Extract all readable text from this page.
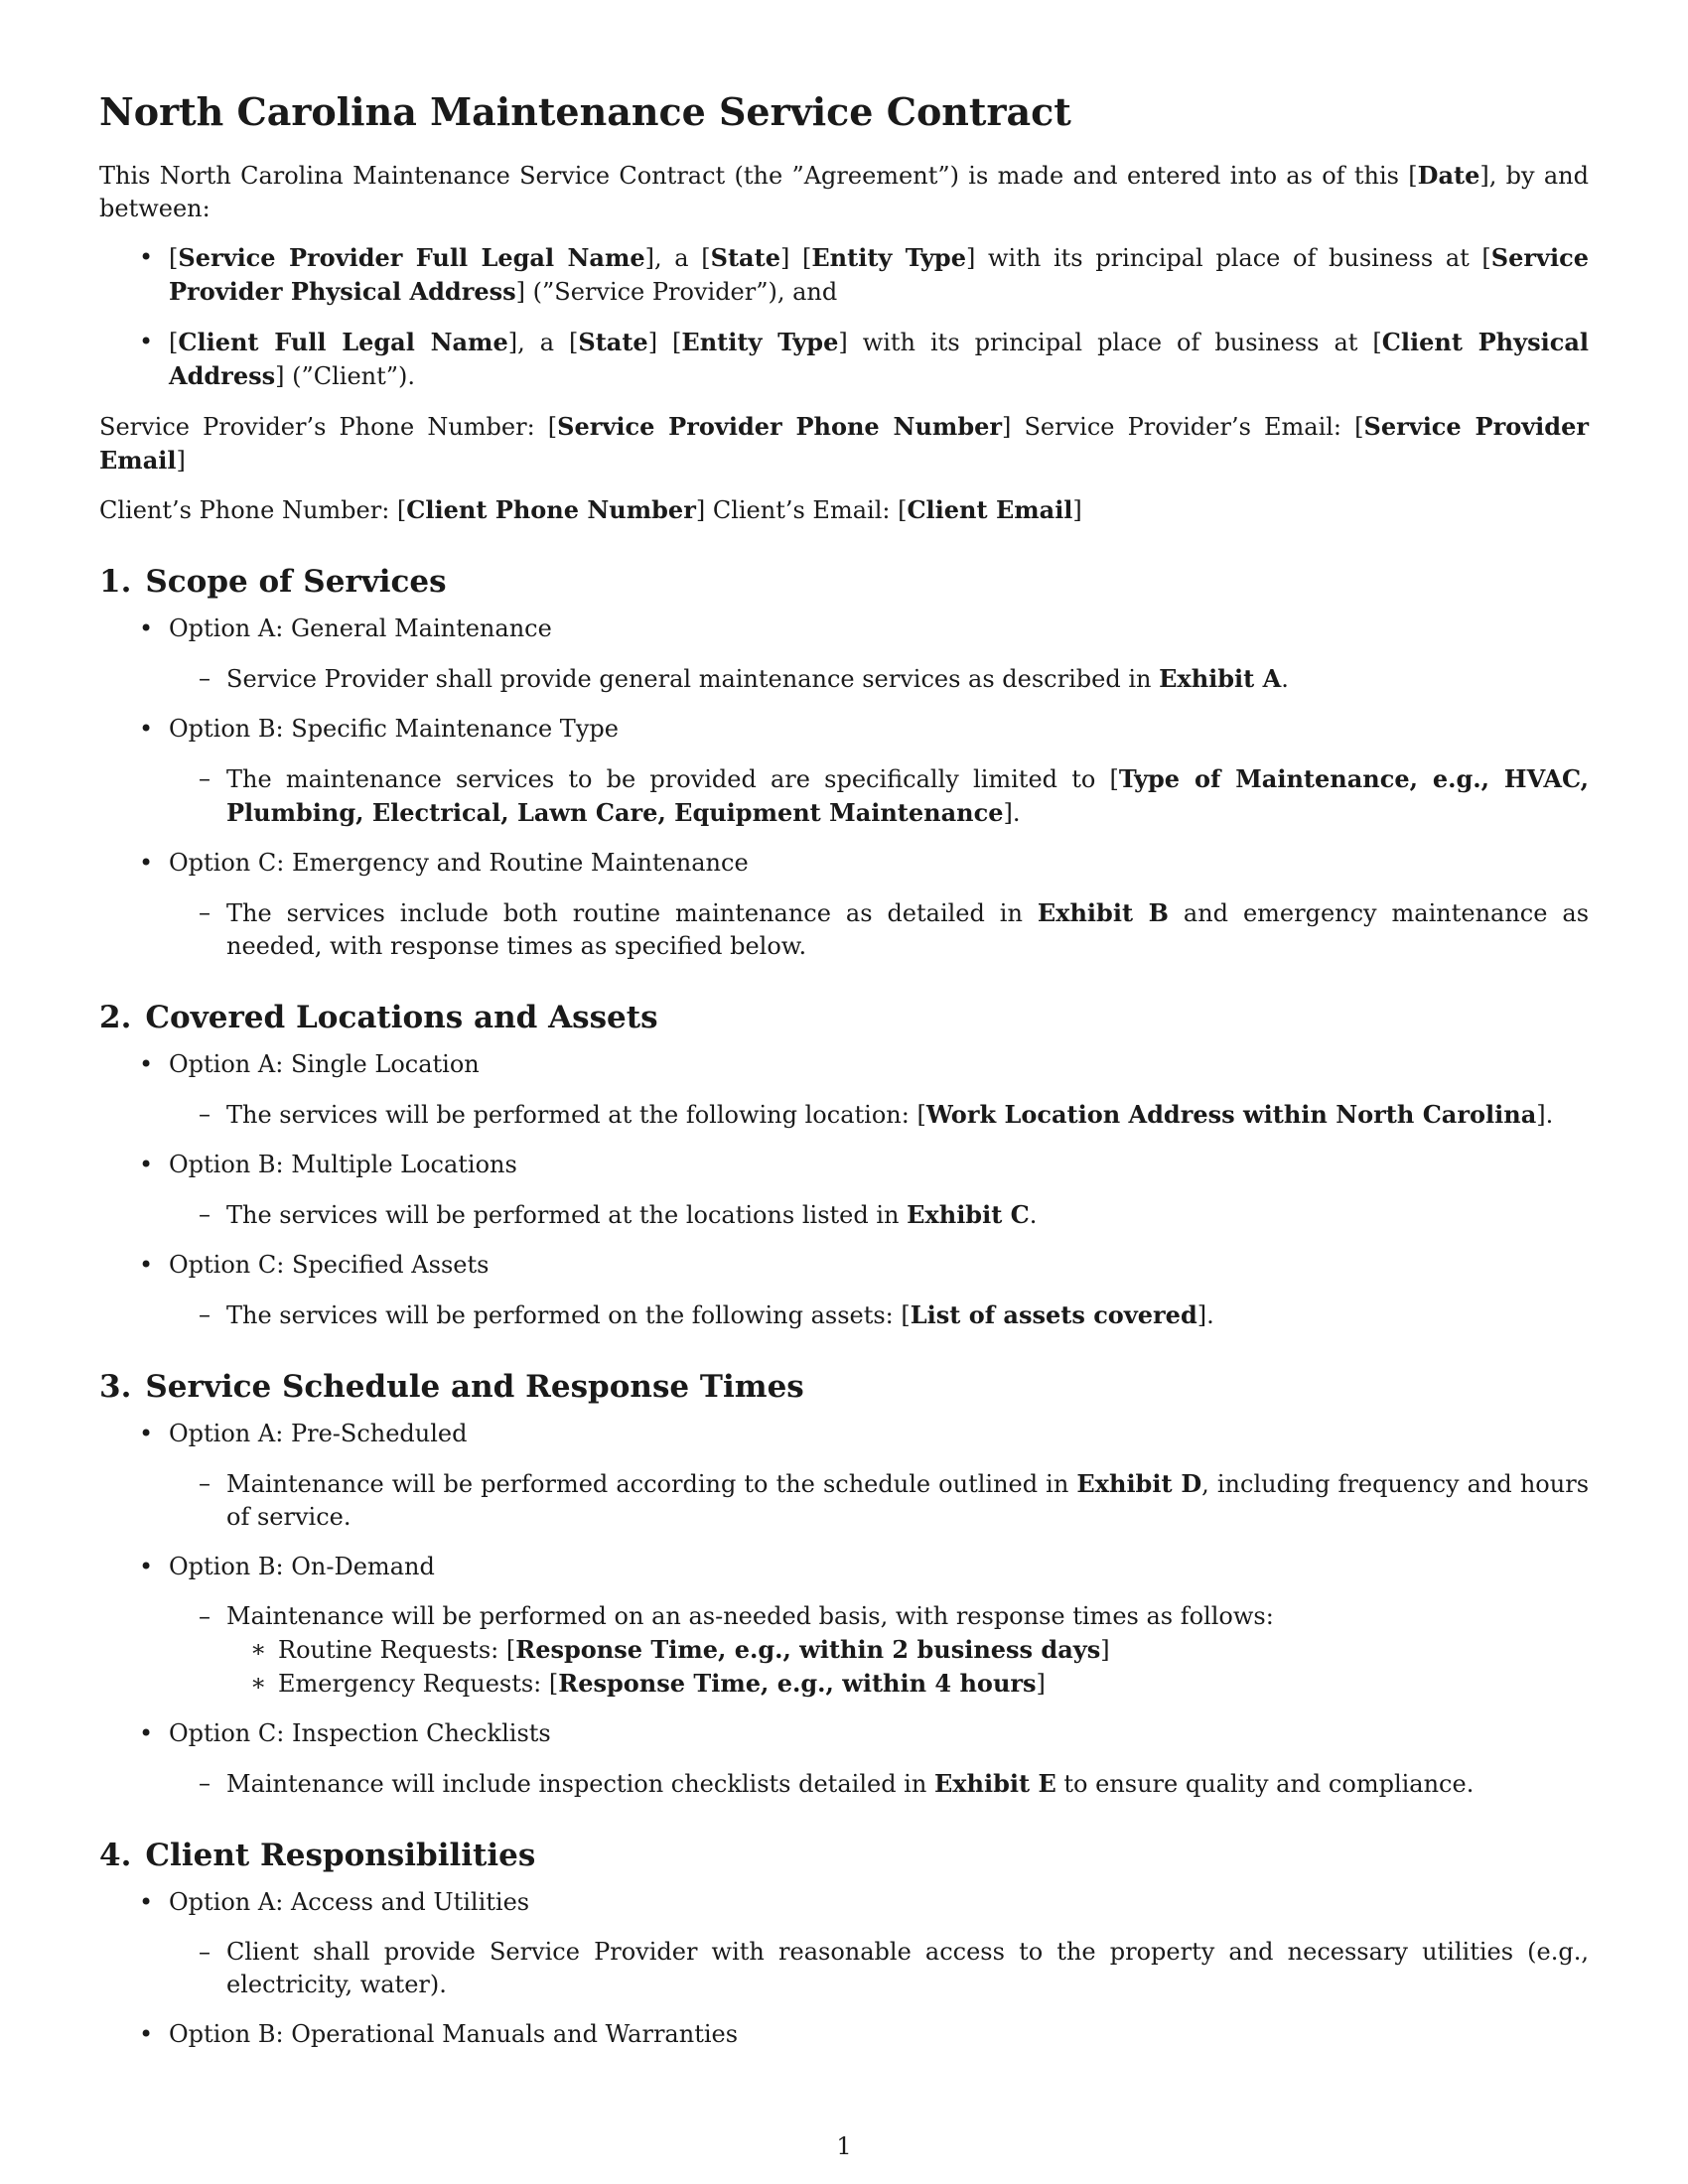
North Carolina Maintenance Service Contract

This North Carolina Maintenance Service Contract (the ”Agreement”) is made and entered into as of this [Date], by and between:

• [Service Provider Full Legal Name], a [State] [Entity Type] with its principal place of business at [Service Provider Physical Address] (”Service Provider”), and
• [Client Full Legal Name], a [State] [Entity Type] with its principal place of business at [Client Physical Address] (”Client”).

Service Provider’s Phone Number: [Service Provider Phone Number] Service Provider’s Email: [Service Provider Email]

Client’s Phone Number: [Client Phone Number] Client’s Email: [Client Email]

1. Scope of Services
• Option A: General Maintenance
– Service Provider shall provide general maintenance services as described in Exhibit A.
• Option B: Specific Maintenance Type
– The maintenance services to be provided are specifically limited to [Type of Maintenance, e.g., HVAC, Plumbing, Electrical, Lawn Care, Equipment Maintenance].
• Option C: Emergency and Routine Maintenance
– The services include both routine maintenance as detailed in Exhibit B and emergency maintenance as needed, with response times as specified below.
2. Covered Locations and Assets
• Option A: Single Location
– The services will be performed at the following location: [Work Location Address within North Carolina].
• Option B: Multiple Locations
– The services will be performed at the locations listed in Exhibit C.
• Option C: Specified Assets
– The services will be performed on the following assets: [List of assets covered].
3. Service Schedule and Response Times
• Option A: Pre-Scheduled
– Maintenance will be performed according to the schedule outlined in Exhibit D, including frequency and hours of service.
• Option B: On-Demand
– Maintenance will be performed on an as-needed basis, with response times as follows:
∗ Routine Requests: [Response Time, e.g., within 2 business days]
∗ Emergency Requests: [Response Time, e.g., within 4 hours]
• Option C: Inspection Checklists
– Maintenance will include inspection checklists detailed in Exhibit E to ensure quality and compliance.
4. Client Responsibilities
• Option A: Access and Utilities
– Client shall provide Service Provider with reasonable access to the property and necessary utilities (e.g., electricity, water).
• Option B: Operational Manuals and Warranties
1
